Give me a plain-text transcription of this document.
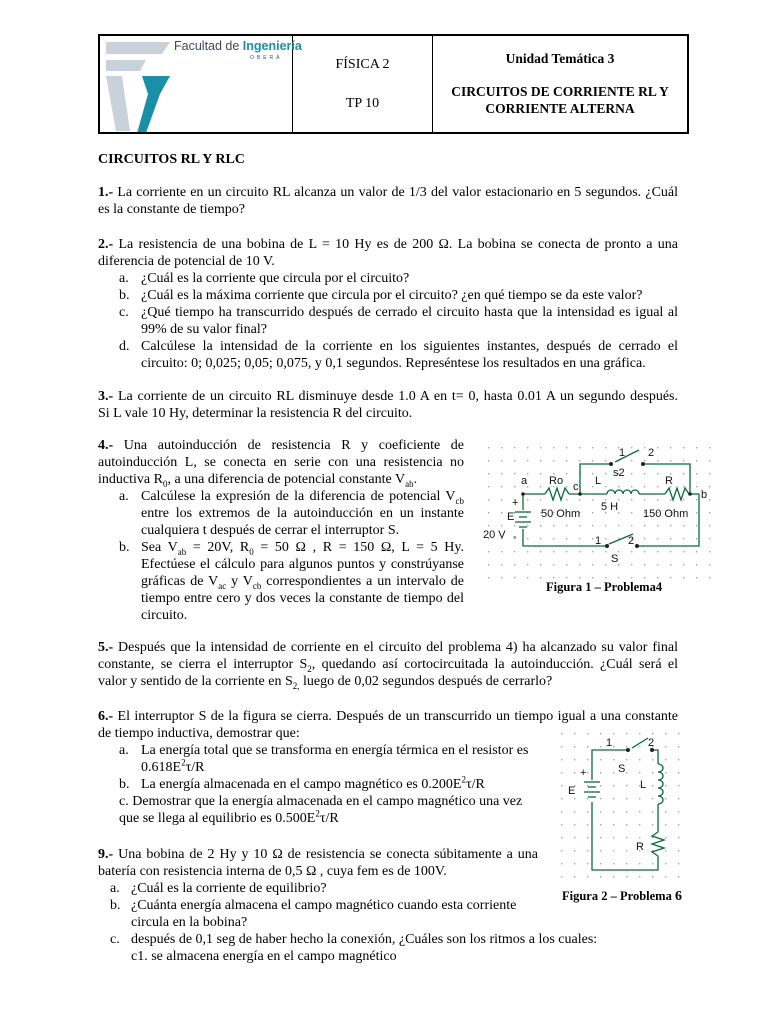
Facultad de Ingeniería
OBERÁ	FÍSICA 2
TP 10
Unidad Temática 3
CIRCUITOS DE CORRIENTE RL Y
CORRIENTE ALTERNA
CIRCUITOS RL Y RLC
1.- La corriente en un circuito RL alcanza un valor de 1/3 del valor estacionario en 5 segundos. ¿Cuál
es la constante de tiempo?
2.- La resistencia de una bobina de L = 10 Hy es de 200 Ω. La bobina se conecta de pronto a una
diferencia de potencial de 10 V.
a. ¿Cuál es la corriente que circula por el circuito?
b. ¿Cuál es la máxima corriente que circula por el circuito? ¿en qué tiempo se da este valor?
c. ¿Qué tiempo ha transcurrido después de cerrado el circuito hasta que la intensidad es igual al
99% de su valor final?
d. Calcúlese la intensidad de la corriente en los siguientes instantes, después de cerrado el
circuito: 0; 0,025; 0,05; 0,075, y 0,1 segundos. Represéntese los resultados en una gráfica.
3.- La corriente de un circuito RL disminuye desde 1.0 A en t= 0, hasta 0.01 A un segundo después.
Si L vale 10 Hy, determinar la resistencia R del circuito.
4.- Una autoinducción de resistencia R y coeficiente de
autoinducción L, se conecta en serie con una resistencia no
inductiva $R_0$, a una diferencia de potencial constante $V_{ab}$.
a. Calcúlese la expresión de la diferencia de potencial $V_{cb}$
entre los extremos de la autoinducción en un instante
cualquiera t después de cerrar el interruptor S.
b. Sea $V_{ab} = 20V$, $R_0 = 50$ Ω , R = 150 Ω, L = 5 Hy.
Efectúese el cálculo para algunos puntos y constrúyanse
gráficas de $V_{ac}$ y $V_{cb}$ correspondientes a un intervalo de
tiempo entre cero y dos veces la constante de tiempo del
circuito.
1 2
s2
a Ro c L	R
b
+
E 50 Ohm
5 H
150 Ohm
20 V -	1 2
S
Figura 1 – Problema4
5.- Después que la intensidad de corriente en el circuito del problema 4) ha alcanzado su valor final
constante, se cierra el interruptor $S_2$, quedando así cortocircuitada la autoinducción. ¿Cuál será el
valor y sentido de la corriente en $S_{2,}$ luego de 0,02 segundos después de cerrarlo?
6.- El interruptor S de la figura se cierra. Después de un transcurrido un tiempo igual a una constante
de tiempo inductiva, demostrar que:
a. La energía total que se transforma en energía térmica en el resistor es
$0.618E^2\tau/R$
b. La energía almacenada en el campo magnético es $0.200E^2\tau/R$
c. Demostrar que la energía almacenada en el campo magnético una vez
que se llega al equilibrio es $0.500E^2\tau/R$
1	2
S
+
E	L
R
Figura 2 – Problema 6
9.- Una bobina de 2 Hy y 10 Ω de resistencia se conecta súbitamente a una
batería con resistencia interna de 0,5 Ω , cuya fem es de 100V.
a. ¿Cuál es la corriente de equilibrio?
b. ¿Cuánta energía almacena el campo magnético cuando esta corriente
circula en la bobina?
c. después de 0,1 seg de haber hecho la conexión, ¿Cuáles son los ritmos a los cuales:
c1. se almacena energía en el campo magnético
